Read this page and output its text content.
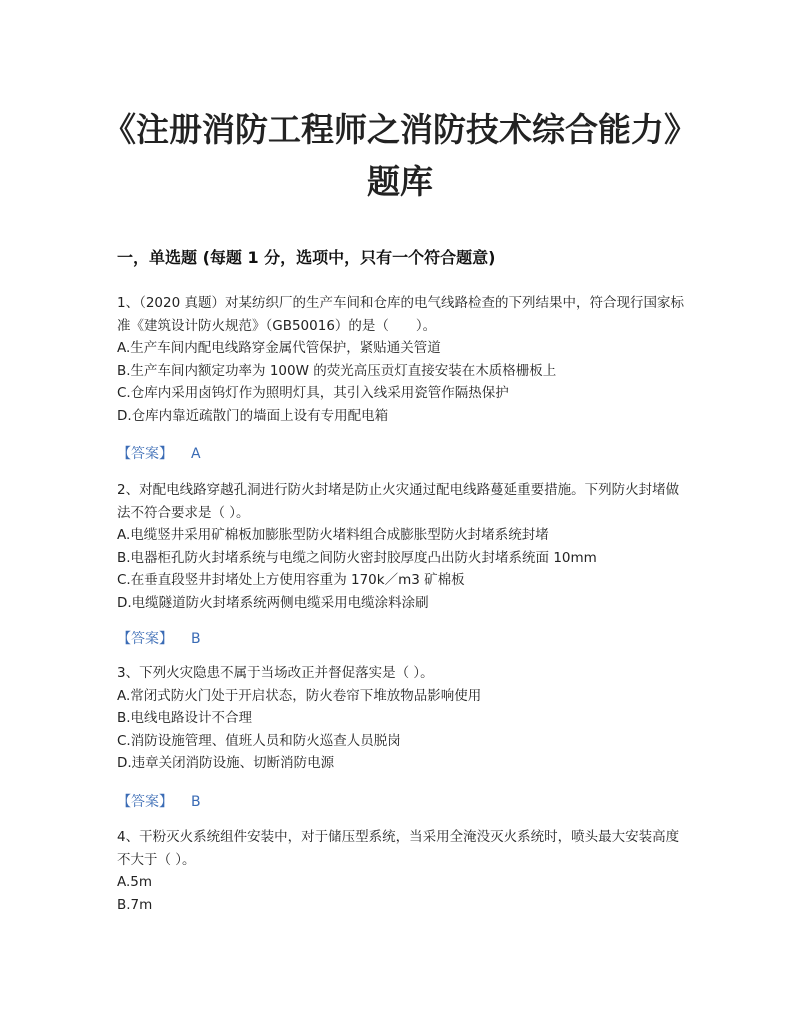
《注册消防工程师之消防技术综合能力》题库
一，单选题 (每题 1 分，选项中，只有一个符合题意)

1、（2020 真题）对某纺织厂的生产车间和仓库的电气线路检查的下列结果中，符合现行国家标准《建筑设计防火规范》（GB50016）的是（　　）。

A.生产车间内配电线路穿金属代管保护，紧贴通关管道

B.生产车间内额定功率为 100W 的荧光高压贡灯直接安装在木质格栅板上

C.仓库内采用卤钨灯作为照明灯具，其引入线采用瓷管作隔热保护

D.仓库内靠近疏散门的墙面上设有专用配电箱

【答案】 A

2、对配电线路穿越孔洞进行防火封堵是防止火灾通过配电线路蔓延重要措施。下列防火封堵做法不符合要求是（ ）。

A.电缆竖井采用矿棉板加膨胀型防火堵料组合成膨胀型防火封堵系统封堵

B.电器柜孔防火封堵系统与电缆之间防火密封胶厚度凸出防火封堵系统面 10mm

C.在垂直段竖井封堵处上方使用容重为 170k／m3 矿棉板

D.电缆隧道防火封堵系统两侧电缆采用电缆涂料涂刷

【答案】 B

3、下列火灾隐患不属于当场改正并督促落实是（ ）。

A.常闭式防火门处于开启状态，防火卷帘下堆放物品影响使用

B.电线电路设计不合理

C.消防设施管理、值班人员和防火巡查人员脱岗

D.违章关闭消防设施、切断消防电源

【答案】 B

4、干粉灭火系统组件安装中，对于储压型系统，当采用全淹没灭火系统时，喷头最大安装高度不大于（ ）。

A.5m

B.7m
